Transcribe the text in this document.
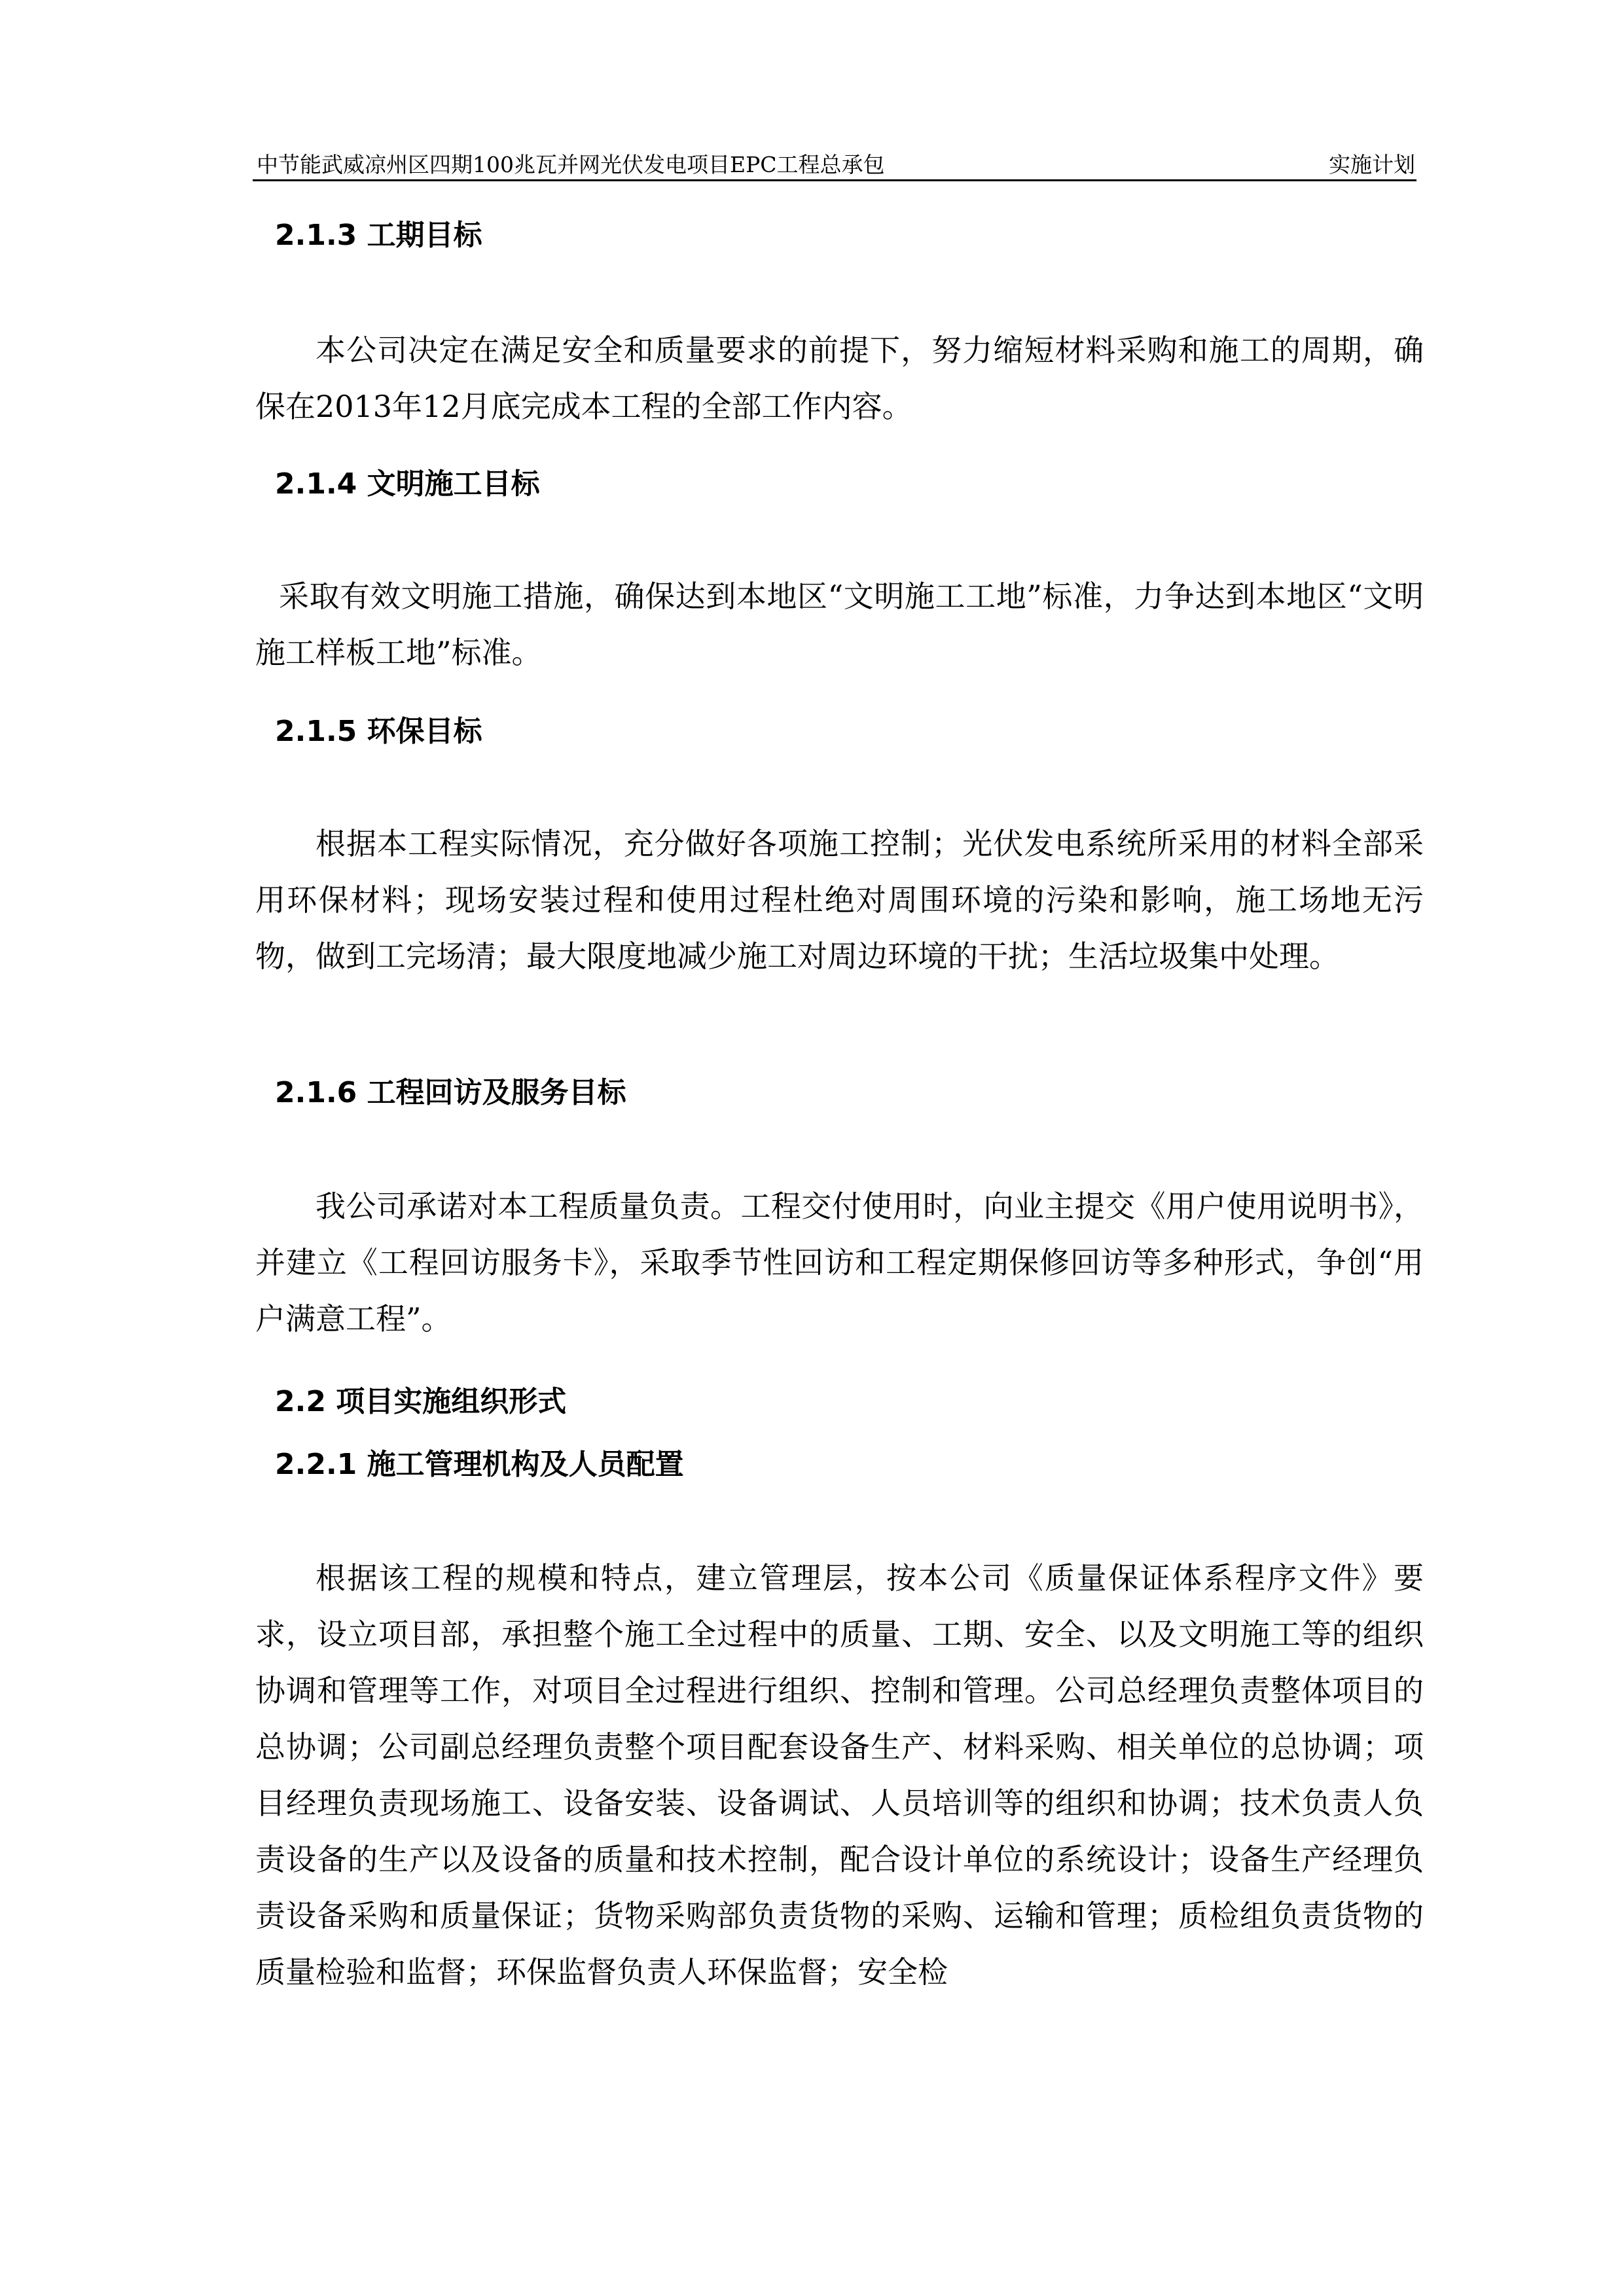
中节能武威凉州区四期100兆瓦并网光伏发电项目EPC工程总承包	实施计划
2.1.3 工期目标
本公司决定在满足安全和质量要求的前提下，努力缩短材料采购和施工的周期，确保在2013年12月底完成本工程的全部工作内容。
2.1.4 文明施工目标
采取有效文明施工措施，确保达到本地区“文明施工工地”标准，力争达到本地区“文明施工样板工地”标准。
2.1.5 环保目标
根据本工程实际情况，充分做好各项施工控制；光伏发电系统所采用的材料全部采用环保材料；现场安装过程和使用过程杜绝对周围环境的污染和影响，施工场地无污物，做到工完场清；最大限度地减少施工对周边环境的干扰；生活垃圾集中处理。
2.1.6 工程回访及服务目标
我公司承诺对本工程质量负责。工程交付使用时，向业主提交《用户使用说明书》，并建立《工程回访服务卡》，采取季节性回访和工程定期保修回访等多种形式，争创“用户满意工程”。
2.2 项目实施组织形式
2.2.1 施工管理机构及人员配置
根据该工程的规模和特点，建立管理层，按本公司《质量保证体系程序文件》要求，设立项目部，承担整个施工全过程中的质量、工期、安全、以及文明施工等的组织协调和管理等工作，对项目全过程进行组织、控制和管理。公司总经理负责整体项目的总协调；公司副总经理负责整个项目配套设备生产、材料采购、相关单位的总协调；项目经理负责现场施工、设备安装、设备调试、人员培训等的组织和协调；技术负责人负责设备的生产以及设备的质量和技术控制，配合设计单位的系统设计；设备生产经理负责设备采购和质量保证；货物采购部负责货物的采购、运输和管理；质检组负责货物的质量检验和监督；环保监督负责人环保监督；安全检
